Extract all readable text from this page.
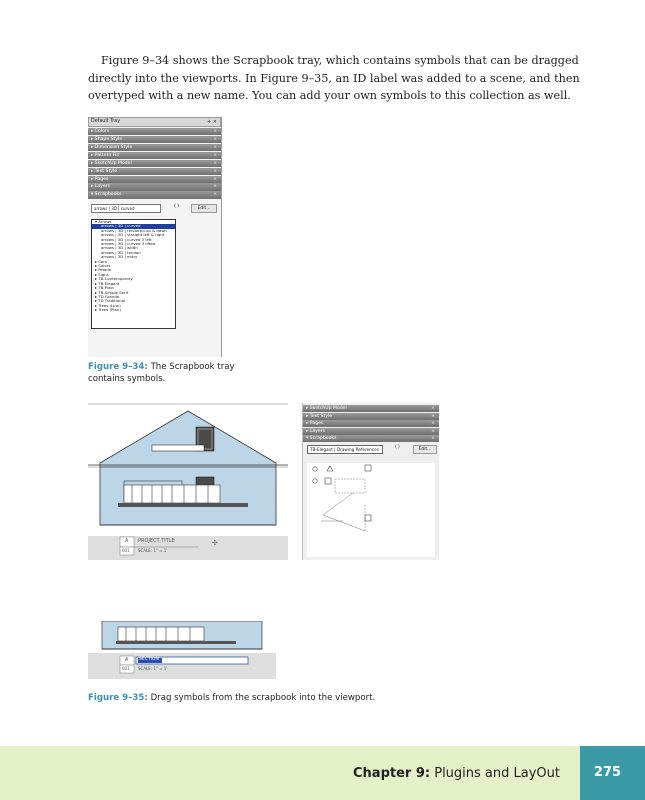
Figure 9–34 shows the Scrapbook tray, which contains symbols that can be dragged directly into the viewports. In Figure 9–35, an ID label was added to a scene, and then overtyped with a new name. You can add your own symbols to this collection as well.

Default Tray	+ ×
▸ Colors	×
▸ Shape Style	×
▸ Dimension Style	×
▸ Pattern Fill	×
▸ SketchUp Model	×
▸ Text Style	×
▸ Pages	×
▸ Layers	×
▾ Scrapbooks	×
arrows | 3D | curved	⟨ ⟩	Edit...
▾ Arrows
arrows | 3D | curved
arrows | 3D | rendered up & down
arrows | 3D | straight left & right
arrows | 3D | curved 3 left
arrows | 3D | curved 3 lifted
arrows | 3D | width
arrows | 3D | tendon
arrows | 3D | entry
▸ Cars
▸ Colors
▸ People
▸ Signs
▸ TB-Contemporary
▸ TB-Elegant
▸ TB-Plain
▸ TB-Simple Serif
▸ TD Grande
▸ TD Traditional
▸ Trees (Line)
▸ Trees (Plan)
Figure 9–34: The Scrapbook tray
contains symbols.
✣
A PROJECT TITLE
001 SCALE: 1" = 1'
▸ SketchUp Model	×
▸ Text Style	×
▸ Pages	×
▸ Layers	×
▾ Scrapbooks	×
TB-Elegant | Drawing References	⟨ ⟩	Edit...
A SECTION
001 SCALE: 1" = 1'
Figure 9–35: Drag symbols from the scrapbook into the viewport.
Chapter 9: Plugins and LayOut	275
